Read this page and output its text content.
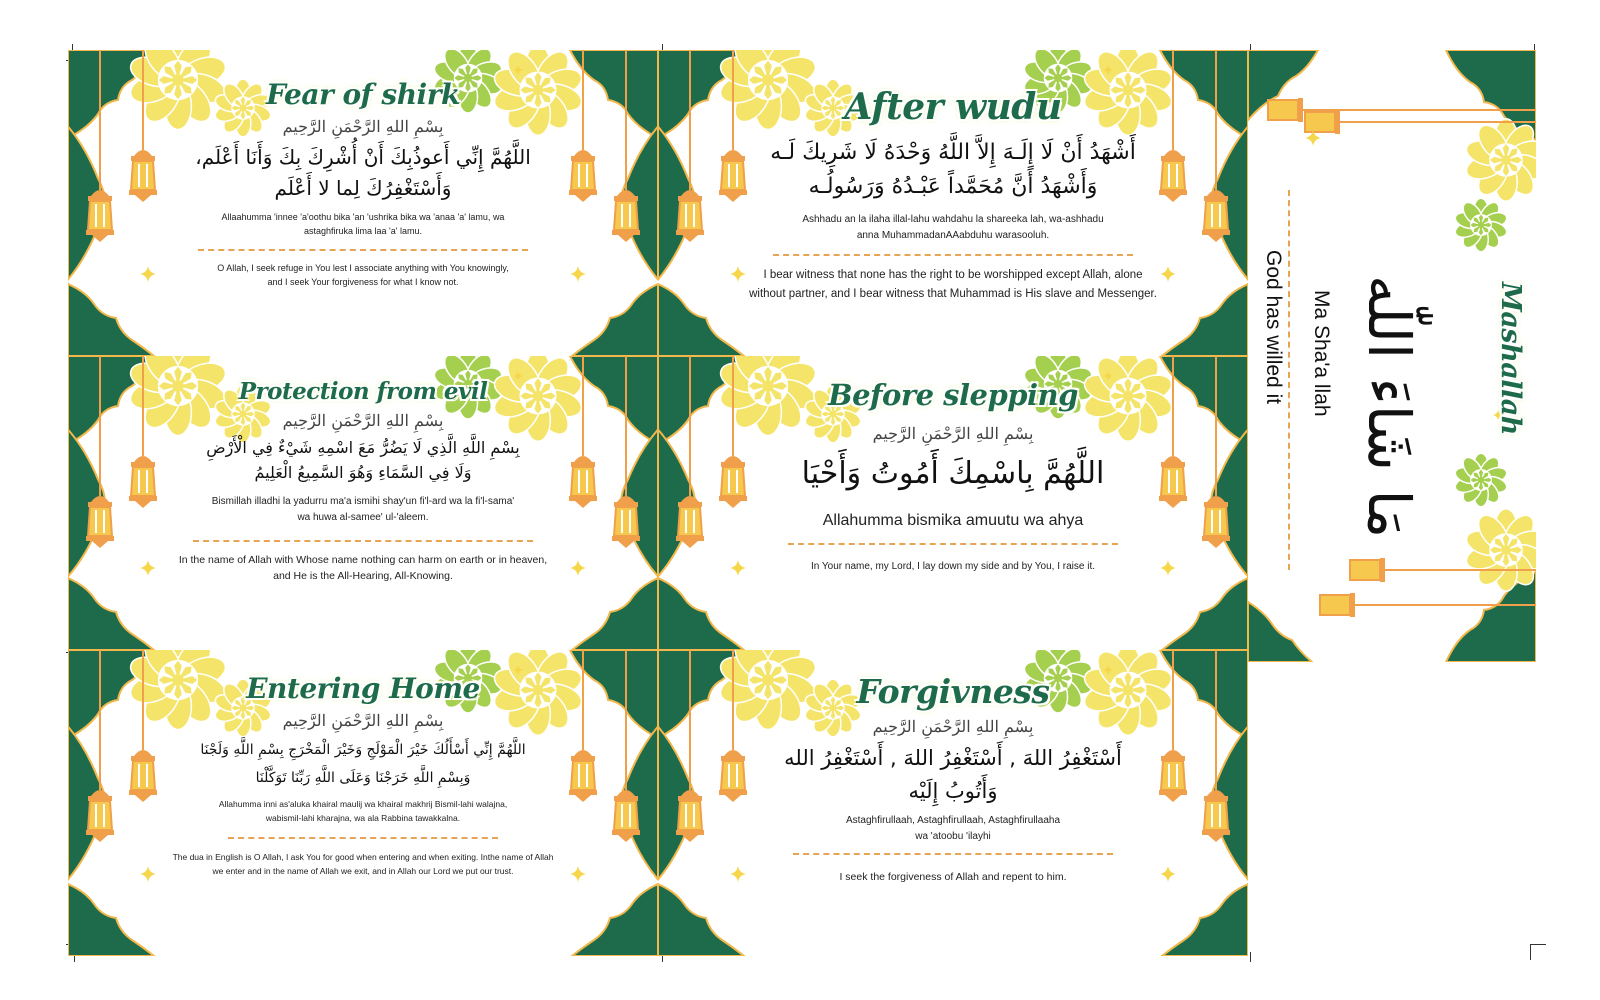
Fear of shirk
بِسْمِ اللهِ الرَّحْمَنِ الرَّحِيم
اللَّهُمَّ إِنِّي أَعوذُبِكَ أَنْ أُشْرِكَ بِكَ وَأَنَا أَعْلَم،
وَأَسْتَغْفِرُكَ لِما لا أَعْلَم
Allaahumma 'innee 'a'oothu bika 'an 'ushrika bika wa 'anaa 'a' lamu, wa
astaghfiruka lima laa 'a' lamu.
O Allah, I seek refuge in You lest I associate anything with You knowingly,
and I seek Your forgiveness for what I know not.
After wudu
أَشْهَدُ أَنْ لَا إِلَـهَ إِلاَّ اللَّهُ وَحْدَهُ لَا شَرِيكَ لَـه
وَأَشْهَدُ أَنَّ مُحَمَّداً عَبْـدُهُ وَرَسُولُـه
Ashhadu an la ilaha illal-lahu wahdahu la shareeka lah, wa-ashhadu
anna MuhammadanAAabduhu warasooluh.
I bear witness that none has the right to be worshipped except Allah, alone
without partner, and I bear witness that Muhammad is His slave and Messenger.
Protection from evil
بِسْمِ اللهِ الرَّحْمَنِ الرَّحِيم
بِسْمِ اللَّهِ الَّذِي لَا يَضُرُّ مَعَ اسْمِهِ شَيْءٌ فِي الْأَرْضِ
وَلَا فِي السَّمَاءِ وَهُوَ السَّمِيعُ الْعَلِيمُ
Bismillah illadhi la yadurru ma'a ismihi shay'un fi'l-ard wa la fi'l-sama'
wa huwa al-samee' ul-'aleem.
In the name of Allah with Whose name nothing can harm on earth or in heaven,
and He is the All-Hearing, All-Knowing.
Before slepping
بِسْمِ اللهِ الرَّحْمَنِ الرَّحِيم
اللَّهُمَّ بِاسْمِكَ أَمُوتُ وَأَحْيَا
Allahumma bismika amuutu wa ahya
In Your name, my Lord, I lay down my side and by You, I raise it.
Entering Home
بِسْمِ اللهِ الرَّحْمَنِ الرَّحِيم
اللَّهُمَّ إِنِّي أَسْأَلُكَ خَيْرَ الْمَوْلَجِ وَخَيْرَ الْمَخْرَجِ بِسْمِ اللَّهِ وَلَجْنَا
وَبِسْمِ اللَّهِ خَرَجْنَا وَعَلَى اللَّهِ رَبِّنَا تَوَكَّلْنَا
Allahumma inni as'aluka khairal maulij wa khairal makhrij Bismil-lahi walajna,
wabismil-lahi kharajna, wa ala Rabbina tawakkalna.
The dua in English is O Allah, I ask You for good when entering and when exiting. Inthe name of Allah
we enter and in the name of Allah we exit, and in Allah our Lord we put our trust.
Forgivness
بِسْمِ اللهِ الرَّحْمَنِ الرَّحِيم
أَسْتَغْفِرُ اللهَ , أَسْتَغْفِرُ اللهَ , أَسْتَغْفِرُ الله
وَأَتُوبُ إِلَيْه
Astaghfirullaah, Astaghfirullaah, Astaghfirullaaha
wa 'atoobu 'ilayhi
I seek the forgiveness of Allah and repent to him.
Mashallah
مَا شَاءَ اللّٰه
Ma Sha'a llah
God has willed it
